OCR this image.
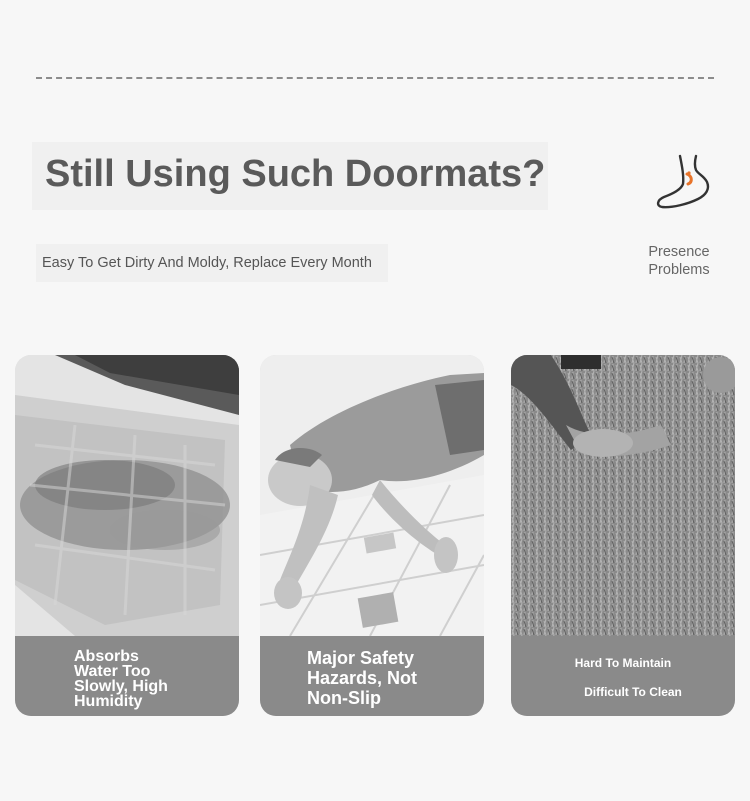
Still Using Such Doormats?
Easy To Get Dirty And Moldy, Replace Every Month
Presence
Problems
Absorbs
Water Too
Slowly, High
Humidity
Major Safety
Hazards, Not
Non-Slip
Hard To Maintain
Difficult To Clean
